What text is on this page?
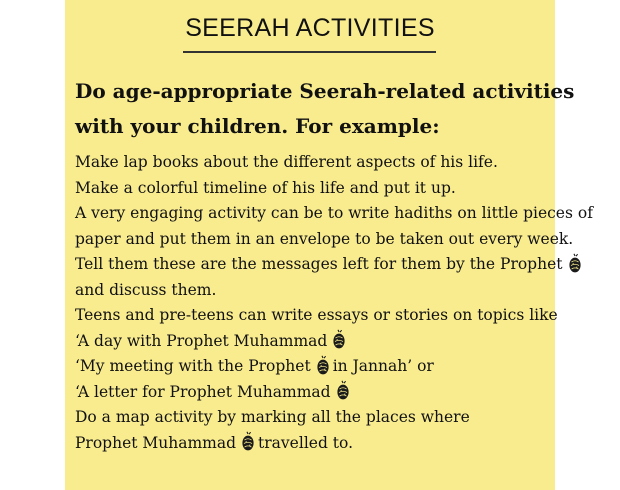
SEERAH ACTIVITIES
Do age-appropriate Seerah-related activities
with your children. For example:
Make lap books about the different aspects of his life.
Make a colorful timeline of his life and put it up.
A very engaging activity can be to write hadiths on little pieces of
paper and put them in an envelope to be taken out every week.
Tell them these are the messages left for them by the Prophet
and discuss them.
Teens and pre-teens can write essays or stories on topics like
‘A day with Prophet Muhammad
‘My meeting with the Prophet in Jannah’ or
‘A letter for Prophet Muhammad
Do a map activity by marking all the places where
Prophet Muhammad travelled to.
